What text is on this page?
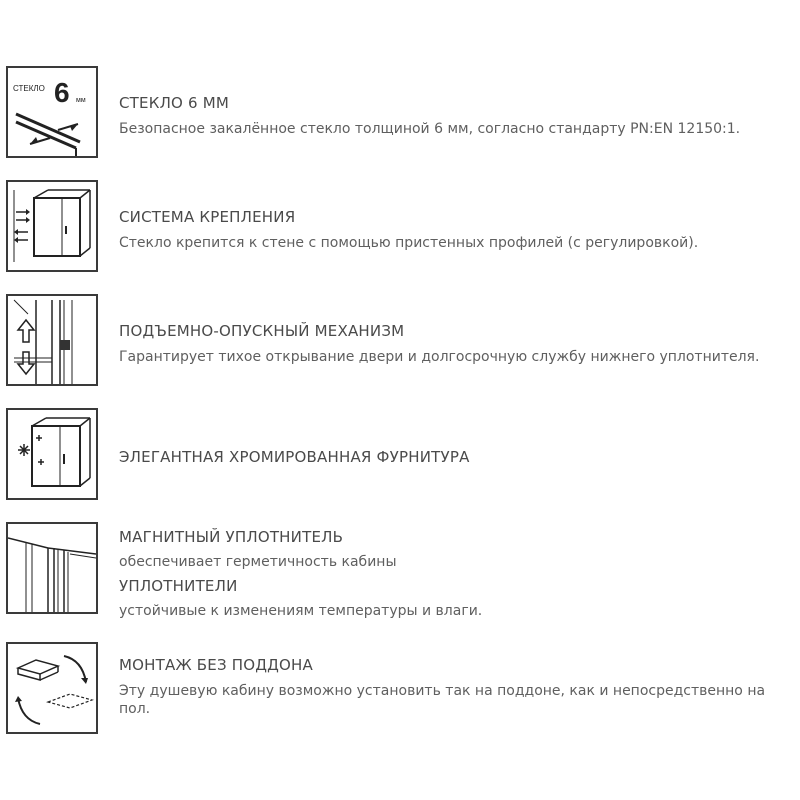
СТЕКЛО 6 мм СТЕКЛО 6 ММ
Безопасное закалённое стекло толщиной 6 мм, согласно стандарту PN:EN 12150:1.
СИСТЕМА КРЕПЛЕНИЯ
Стекло крепится к стене с помощью пристенных профилей (с регулировкой).
ПОДЪЕМНО-ОПУСКНЫЙ МЕХАНИЗМ
Гарантирует тихое открывание двери и долгосрочную службу нижнего уплотнителя.
ЭЛЕГАНТНАЯ ХРОМИРОВАННАЯ ФУРНИТУРА
МАГНИТНЫЙ УПЛОТНИТЕЛЬ
обеспечивает герметичность кабины
УПЛОТНИТЕЛИ
устойчивые к изменениям температуры и влаги.
МОНТАЖ БЕЗ ПОДДОНА
Эту душевую кабину возможно установить так на поддоне, как и непосредственно на пол.
